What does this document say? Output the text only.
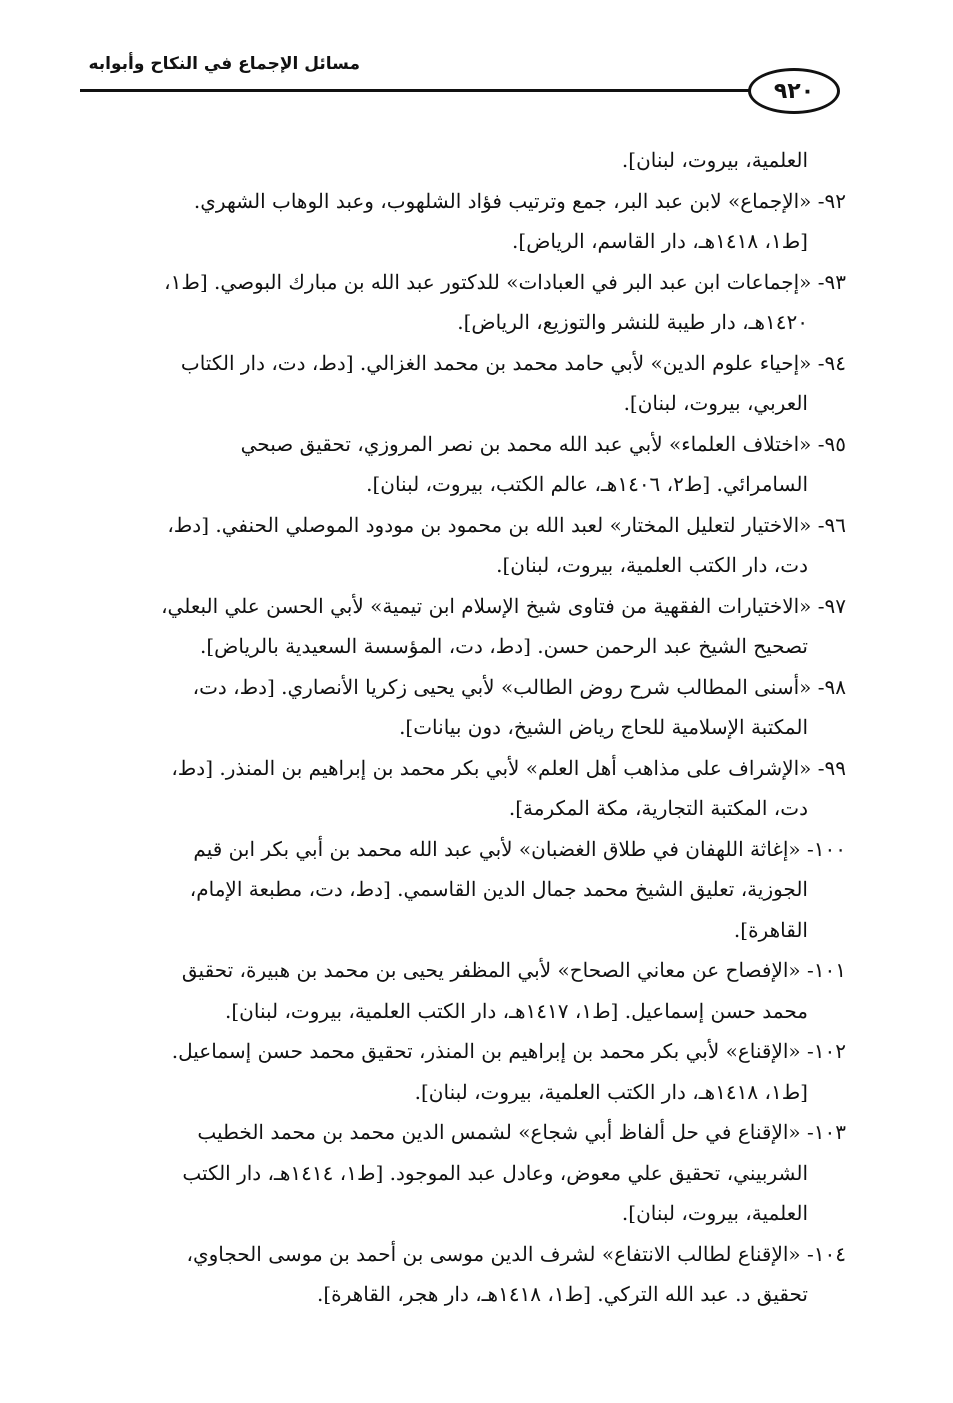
مسائل الإجماع في النكاح وأبوابه
٩٢٠
العلمية، بيروت، لبنان].
٩٢- «الإجماع» لابن عبد البر، جمع وترتيب فؤاد الشلهوب، وعبد الوهاب الشهري.
[ط١، ١٤١٨هـ، دار القاسم، الرياض].
٩٣- «إجماعات ابن عبد البر في العبادات» للدكتور عبد الله بن مبارك البوصي. [ط١،
١٤٢٠هـ، دار طيبة للنشر والتوزيع، الرياض].
٩٤- «إحياء علوم الدين» لأبي حامد محمد بن محمد الغزالي. [دط، دت، دار الكتاب
العربي، بيروت، لبنان].
٩٥- «اختلاف العلماء» لأبي عبد الله محمد بن نصر المروزي، تحقيق صبحي
السامرائي. [ط٢، ١٤٠٦هـ، عالم الكتب، بيروت، لبنان].
٩٦- «الاختيار لتعليل المختار» لعبد الله بن محمود بن مودود الموصلي الحنفي. [دط،
دت، دار الكتب العلمية، بيروت، لبنان].
٩٧- «الاختيارات الفقهية من فتاوى شيخ الإسلام ابن تيمية» لأبي الحسن علي البعلي،
تصحيح الشيخ عبد الرحمن حسن. [دط، دت، المؤسسة السعيدية بالرياض].
٩٨- «أسنى المطالب شرح روض الطالب» لأبي يحيى زكريا الأنصاري. [دط، دت،
المكتبة الإسلامية للحاج رياض الشيخ، دون بيانات].
٩٩- «الإشراف على مذاهب أهل العلم» لأبي بكر محمد بن إبراهيم بن المنذر. [دط،
دت، المكتبة التجارية، مكة المكرمة].
١٠٠- «إغاثة اللهفان في طلاق الغضبان» لأبي عبد الله محمد بن أبي بكر ابن قيم
الجوزية، تعليق الشيخ محمد جمال الدين القاسمي. [دط، دت، مطبعة الإمام،
القاهرة].
١٠١- «الإفصاح عن معاني الصحاح» لأبي المظفر يحيى بن محمد بن هبيرة، تحقيق
محمد حسن إسماعيل. [ط١، ١٤١٧هـ، دار الكتب العلمية، بيروت، لبنان].
١٠٢- «الإقناع» لأبي بكر محمد بن إبراهيم بن المنذر، تحقيق محمد حسن إسماعيل.
[ط١، ١٤١٨هـ، دار الكتب العلمية، بيروت، لبنان].
١٠٣- «الإقناع في حل ألفاظ أبي شجاع» لشمس الدين محمد بن محمد الخطيب
الشربيني، تحقيق علي معوض، وعادل عبد الموجود. [ط١، ١٤١٤هـ، دار الكتب
العلمية، بيروت، لبنان].
١٠٤- «الإقناع لطالب الانتفاع» لشرف الدين موسى بن أحمد بن موسى الحجاوي،
تحقيق د. عبد الله التركي. [ط١، ١٤١٨هـ، دار هجر، القاهرة].
